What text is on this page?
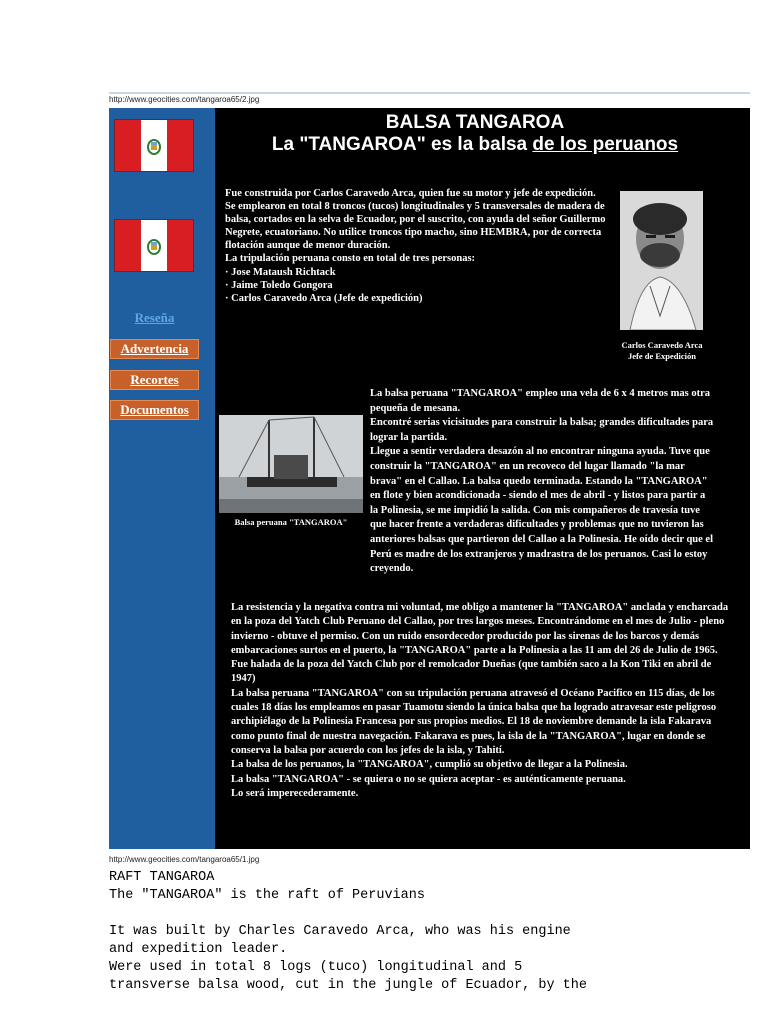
http://www.geocities.com/tangaroa65/2.jpg
Reseña
Advertencia
Recortes
Documentos
BALSA TANGAROA
La "TANGAROA" es la balsa de los peruanos
Fue construida por Carlos Caravedo Arca, quien fue su motor y jefe de expedición.
Se emplearon en total 8 troncos (tucos) longitudinales y 5 transversales de madera de balsa, cortados en la selva de Ecuador, por el suscrito, con ayuda del señor Guillermo Negrete, ecuatoriano. No utilice troncos tipo macho, sino HEMBRA, por de correcta flotación aunque de menor duración.
La tripulación peruana consto en total de tres personas:
· Jose Mataush Richtack
· Jaime Toledo Gongora
· Carlos Caravedo Arca (Jefe de expedición)
Carlos Caravedo Arca
Jefe de Expedición
Balsa peruana "TANGAROA"
La balsa peruana "TANGAROA" empleo una vela de 6 x 4 metros mas otra pequeña de mesana.
Encontré serias vicisitudes para construir la balsa; grandes dificultades para lograr la partida.
Llegue a sentir verdadera desazón al no encontrar ninguna ayuda. Tuve que construir la "TANGAROA" en un recoveco del lugar llamado "la mar brava" en el Callao. La balsa quedo terminada. Estando la "TANGAROA" en flote y bien acondicionada - siendo el mes de abril - y listos para partir a la Polinesia, se me impidió la salida. Con mis compañeros de travesía tuve que hacer frente a verdaderas dificultades y problemas que no tuvieron las anteriores balsas que partieron del Callao a la Polinesia. He oído decir que el Perú es madre de los extranjeros y madrastra de los peruanos. Casi lo estoy creyendo.
La resistencia y la negativa contra mi voluntad, me obligo a mantener la "TANGAROA" anclada y encharcada en la poza del Yatch Club Peruano del Callao, por tres largos meses. Encontrándome en el mes de Julio - pleno invierno - obtuve el permiso. Con un ruido ensordecedor producido por las sirenas de los barcos y demás embarcaciones surtos en el puerto, la "TANGAROA" parte a la Polinesia a las 11 am del 26 de Julio de 1965. Fue halada de la poza del Yatch Club por el remolcador Dueñas (que también saco a la Kon Tiki en abril de 1947)
La balsa peruana "TANGAROA" con su tripulación peruana atravesó el Océano Pacifico en 115 días, de los cuales 18 días los empleamos en pasar Tuamotu siendo la única balsa que ha logrado atravesar este peligroso archipiélago de la Polinesia Francesa por sus propios medios. El 18 de noviembre demande la isla Fakarava como punto final de nuestra navegación. Fakarava es pues, la isla de la "TANGAROA", lugar en donde se conserva la balsa por acuerdo con los jefes de la isla, y Tahití.
La balsa de los peruanos, la "TANGAROA", cumplió su objetivo de llegar a la Polinesia.
La balsa "TANGAROA" - se quiera o no se quiera aceptar - es auténticamente peruana.
Lo será imperecederamente.
http://www.geocities.com/tangaroa65/1.jpg
RAFT TANGAROA
The "TANGAROA" is the raft of Peruvians
It was built by Charles Caravedo Arca, who was his engine
and expedition leader.
Were used in total 8 logs (tuco) longitudinal and 5
transverse balsa wood, cut in the jungle of Ecuador, by the
